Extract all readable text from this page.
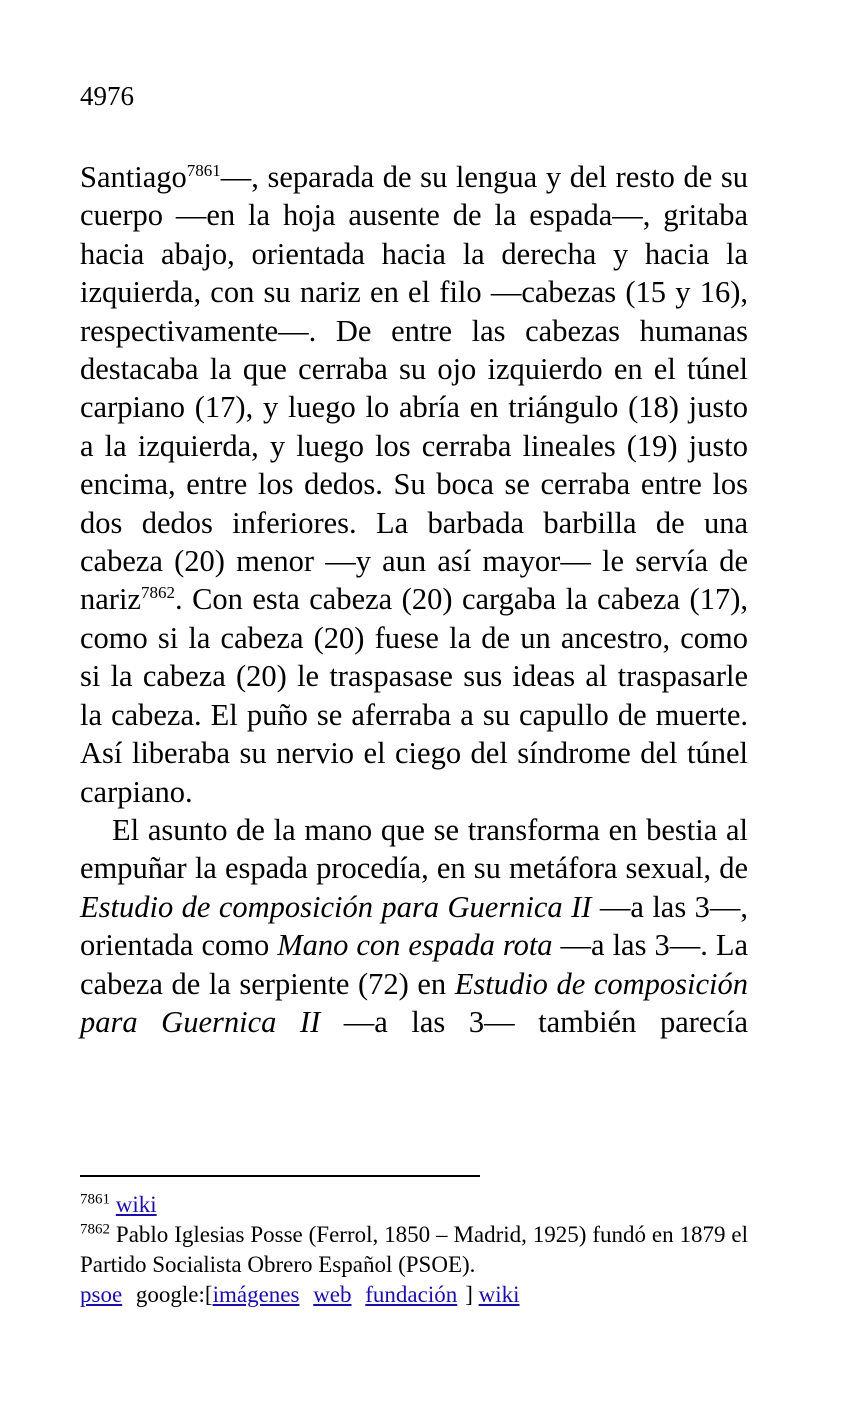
4976

Santiago$^{7861}$—, separada de su lengua y del resto de su cuerpo —en la hoja ausente de la espada—, gritaba hacia abajo, orientada hacia la derecha y hacia la izquierda, con su nariz en el filo —cabezas (15 y 16), respectivamente—. De entre las cabezas humanas destacaba la que cerraba su ojo izquierdo en el túnel carpiano (17), y luego lo abría en triángulo (18) justo a la izquierda, y luego los cerraba lineales (19) justo encima, entre los dedos. Su boca se cerraba entre los dos dedos inferiores. La barbada barbilla de una cabeza (20) menor —y aun así mayor— le servía de nariz$^{7862}$. Con esta cabeza (20) cargaba la cabeza (17), como si la cabeza (20) fuese la de un ancestro, como si la cabeza (20) le traspasase sus ideas al traspasarle la cabeza. El puño se aferraba a su capullo de muerte. Así liberaba su nervio el ciego del síndrome del túnel carpiano.

El asunto de la mano que se transforma en bestia al empuñar la espada procedía, en su metáfora sexual, de Estudio de composición para Guernica II —a las 3—, orientada como Mano con espada rota —a las 3—. La cabeza de la serpiente (72) en Estudio de composición para Guernica II —a las 3— también parecía

$^{7861}$ wiki

$^{7862}$ Pablo Iglesias Posse (Ferrol, 1850 – Madrid, 1925) fundó en 1879 el Partido Socialista Obrero Español (PSOE).

psoe google:[imágenes web fundación ] wiki
